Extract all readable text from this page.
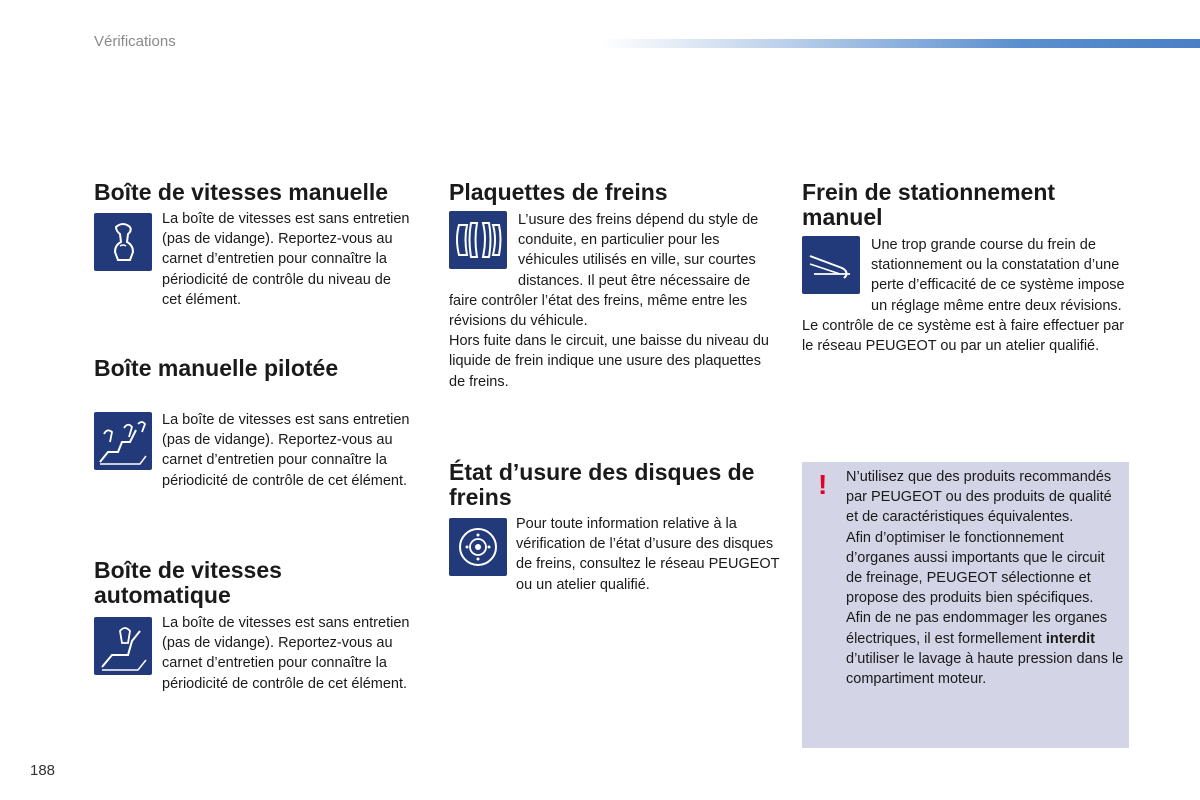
Vérifications
Boîte de vitesses manuelle

La boîte de vitesses est sans entretien (pas de vidange). Reportez-vous au carnet d’entretien pour connaître la périodicité de contrôle du niveau de cet élément.

Boîte manuelle pilotée

La boîte de vitesses est sans entretien (pas de vidange). Reportez-vous au carnet d’entretien pour connaître la périodicité de contrôle de cet élément.

Boîte de vitesses
automatique

La boîte de vitesses est sans entretien (pas de vidange). Reportez-vous au carnet d’entretien pour connaître la périodicité de contrôle de cet élément.

Plaquettes de freins

L’usure des freins dépend du style de conduite, en particulier pour les véhicules utilisés en ville, sur courtes distances. Il peut être nécessaire de faire contrôler l’état des freins, même entre les révisions du véhicule.

Hors fuite dans le circuit, une baisse du niveau du liquide de frein indique une usure des plaquettes de freins.

État d’usure des disques de
freins

Pour toute information relative à la vérification de l’état d’usure des disques de freins, consultez le réseau PEUGEOT ou un atelier qualifié.

Frein de stationnement
manuel

Une trop grande course du frein de stationnement ou la constatation d’une perte d’efficacité de ce système impose un réglage même entre deux révisions.

Le contrôle de ce système est à faire effectuer par le réseau PEUGEOT ou par un atelier qualifié.

! N’utilisez que des produits recommandés par PEUGEOT ou des produits de qualité et de caractéristiques équivalentes.
Afin d’optimiser le fonctionnement d’organes aussi importants que le circuit de freinage, PEUGEOT sélectionne et propose des produits bien spécifiques.
Afin de ne pas endommager les organes électriques, il est formellement interdit d’utiliser le lavage à haute pression dans le compartiment moteur.
188
